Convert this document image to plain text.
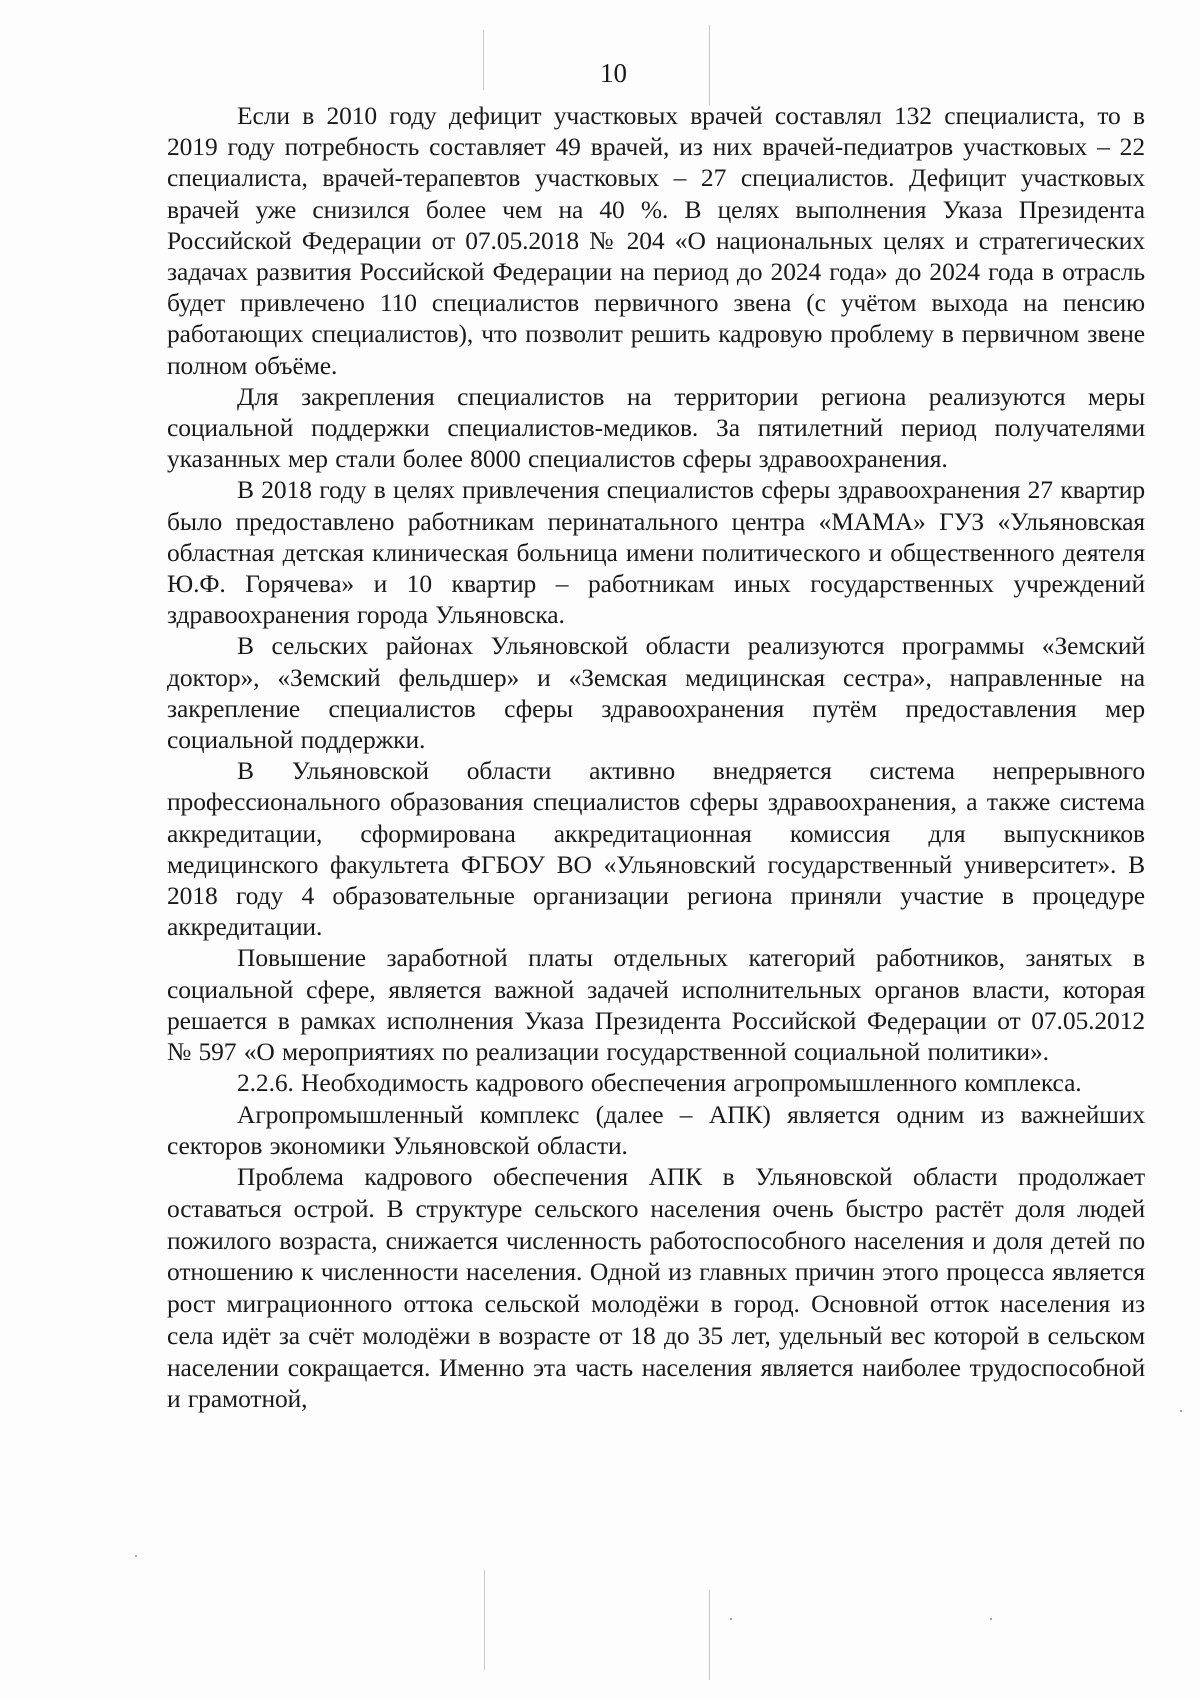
10

Если в 2010 году дефицит участковых врачей составлял 132 специалиста, то в 2019 году потребность составляет 49 врачей, из них врачей-педиатров участковых – 22 специалиста, врачей-терапевтов участковых – 27 специалистов. Дефицит участковых врачей уже снизился более чем на 40 %. В целях выполнения Указа Президента Российской Федерации от 07.05.2018 № 204 «О национальных целях и стратегических задачах развития Российской Федерации на период до 2024 года» до 2024 года в отрасль будет привлечено 110 специалистов первичного звена (с учётом выхода на пенсию работающих специалистов), что позволит решить кадровую проблему в первичном звене полном объёме.

Для закрепления специалистов на территории региона реализуются меры социальной поддержки специалистов-медиков. За пятилетний период получателями указанных мер стали более 8000 специалистов сферы здравоохранения.

В 2018 году в целях привлечения специалистов сферы здравоохранения 27 квартир было предоставлено работникам перинатального центра «МАМА» ГУЗ «Ульяновская областная детская клиническая больница имени политического и общественного деятеля Ю.Ф. Горячева» и 10 квартир – работникам иных государственных учреждений здравоохранения города Ульяновска.

В сельских районах Ульяновской области реализуются программы «Земский доктор», «Земский фельдшер» и «Земская медицинская сестра», направленные на закрепление специалистов сферы здравоохранения путём предоставления мер социальной поддержки.

В Ульяновской области активно внедряется система непрерывного профессионального образования специалистов сферы здравоохранения, а также система аккредитации, сформирована аккредитационная комиссия для выпускников медицинского факультета ФГБОУ ВО «Ульяновский государственный университет». В 2018 году 4 образовательные организации региона приняли участие в процедуре аккредитации.

Повышение заработной платы отдельных категорий работников, занятых в социальной сфере, является важной задачей исполнительных органов власти, которая решается в рамках исполнения Указа Президента Российской Федерации от 07.05.2012 № 597 «О мероприятиях по реализации государственной социальной политики».

2.2.6. Необходимость кадрового обеспечения агропромышленного комплекса.

Агропромышленный комплекс (далее – АПК) является одним из важнейших секторов экономики Ульяновской области.

Проблема кадрового обеспечения АПК в Ульяновской области продолжает оставаться острой. В структуре сельского населения очень быстро растёт доля людей пожилого возраста, снижается численность работоспособного населения и доля детей по отношению к численности населения. Одной из главных причин этого процесса является рост миграционного оттока сельской молодёжи в город. Основной отток населения из села идёт за счёт молодёжи в возрасте от 18 до 35 лет, удельный вес которой в сельском населении сокращается. Именно эта часть населения является наиболее трудоспособной и грамотной,
